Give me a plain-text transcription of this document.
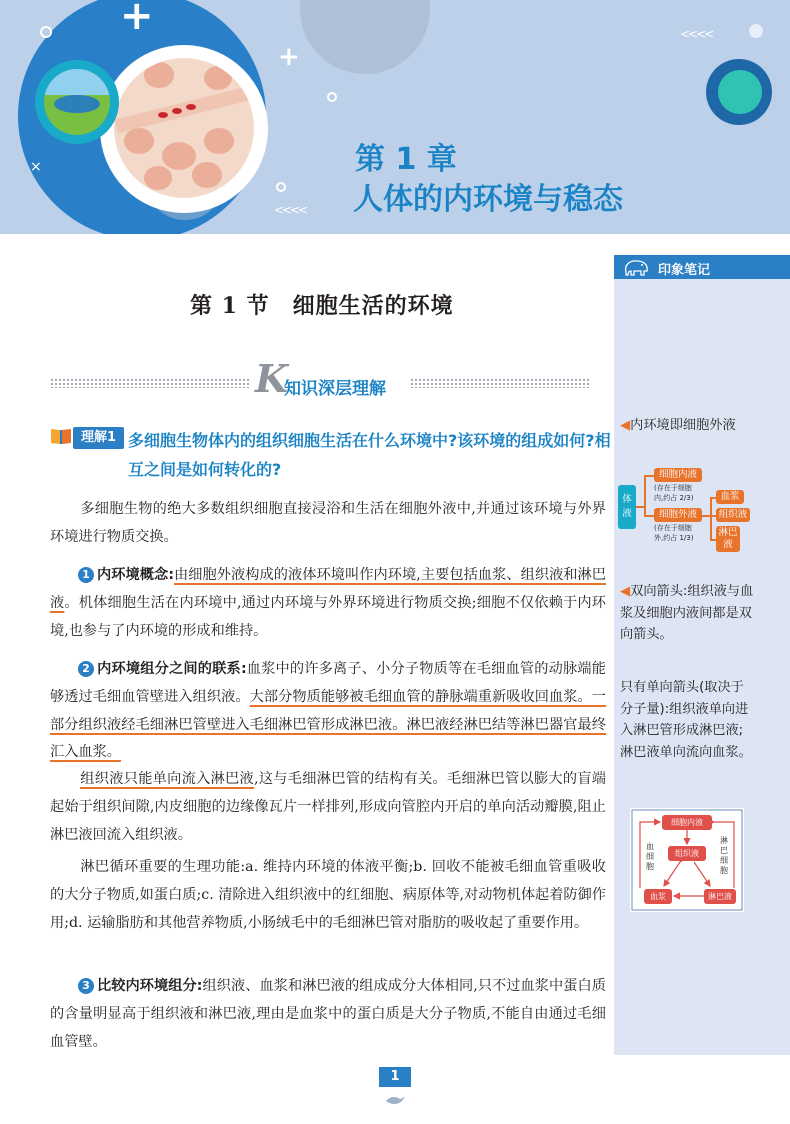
+
+
×
<<<<
<<<<
第 1 章
人体的内环境与稳态
印象笔记
◀内环境即细胞外液
体液
细胞内液
(存在于细胞
内,约占 2/3)
细胞外液
(存在于细胞
外,约占 1/3)
血浆
组织液
淋巴液
◀双向箭头:组织液与血浆及细胞内液间都是双向箭头。
只有单向箭头(取决于分子量):组织液单向进入淋巴管形成淋巴液;淋巴液单向流向血浆。
细胞内液
组织液
血浆	淋巴液
血细胞
淋巴细胞
第 1 节　细胞生活的环境
K
知识深层理解
理解1 多细胞生物体内的组织细胞生活在什么环境中?该环境的组成如何?相互之间是如何转化的?
多细胞生物的绝大多数组织细胞直接浸浴和生活在细胞外液中,并通过该环境与外界环境进行物质交换。
1 内环境概念:由细胞外液构成的液体环境叫作内环境,主要包括血浆、组织液和淋巴液。机体细胞生活在内环境中,通过内环境与外界环境进行物质交换;细胞不仅依赖于内环境,也参与了内环境的形成和维持。
2 内环境组分之间的联系:血浆中的许多离子、小分子物质等在毛细血管的动脉端能够透过毛细血管壁进入组织液。大部分物质能够被毛细血管的静脉端重新吸收回血浆。一部分组织液经毛细淋巴管壁进入毛细淋巴管形成淋巴液。淋巴液经淋巴结等淋巴器官最终汇入血浆。
组织液只能单向流入淋巴液,这与毛细淋巴管的结构有关。毛细淋巴管以膨大的盲端起始于组织间隙,内皮细胞的边缘像瓦片一样排列,形成向管腔内开启的单向活动瓣膜,阻止淋巴液回流入组织液。
淋巴循环重要的生理功能:a. 维持内环境的体液平衡;b. 回收不能被毛细血管重吸收的大分子物质,如蛋白质;c. 清除进入组织液中的红细胞、病原体等,对动物机体起着防御作用;d. 运输脂肪和其他营养物质,小肠绒毛中的毛细淋巴管对脂肪的吸收起了重要作用。
3 比较内环境组分:组织液、血浆和淋巴液的组成成分大体相同,只不过血浆中蛋白质的含量明显高于组织液和淋巴液,理由是血浆中的蛋白质是大分子物质,不能自由通过毛细血管壁。
1
